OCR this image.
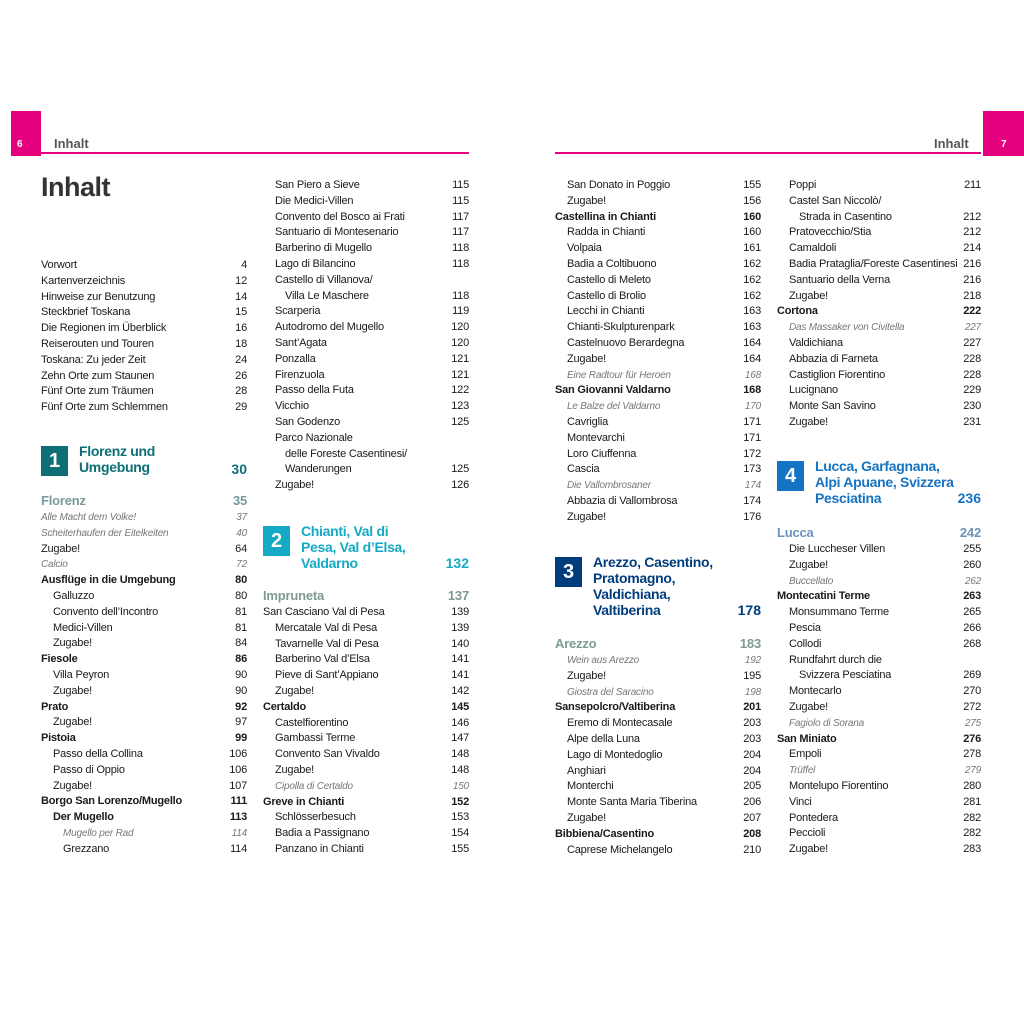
6 Inhalt	7
Inhalt
Inhalt
Vorwort	4
Kartenverzeichnis	12
Hinweise zur Benutzung	14
Steckbrief Toskana	15
Die Regionen im Überblick	16
Reiserouten und Touren	18
Toskana: Zu jeder Zeit	24
Zehn Orte zum Staunen	26
Fünf Orte zum Träumen	28
Fünf Orte zum Schlemmen	29
1	Florenz und
Umgebung	30
Florenz	35
Alle Macht dem Volke!	37
Scheiterhaufen der Eitelkeiten	40
Zugabe!	64
Calcio	72
Ausflüge in die Umgebung	80
Galluzzo	80
Convento dell’Incontro	81
Medici-Villen	81
Zugabe!	84
Fiesole	86
Villa Peyron	90
Zugabe!	90
Prato	92
Zugabe!	97
Pistoia	99
Passo della Collina	106
Passo di Oppio	106
Zugabe!	107
Borgo San Lorenzo/Mugello	111
Der Mugello	113
Mugello per Rad	114
Grezzano	114
San Piero a Sieve	115
Die Medici-Villen	115
Convento del Bosco ai Frati	117
Santuario di Montesenario	117
Barberino di Mugello	118
Lago di Bilancino	118
Castello di Villanova/
Villa Le Maschere	118
Scarperia	119
Autodromo del Mugello	120
Sant’Agata	120
Ponzalla	121
Firenzuola	121
Passo della Futa	122
Vicchio	123
San Godenzo	125
Parco Nazionale
delle Foreste Casentinesi/
Wanderungen	125
Zugabe!	126
2	Chianti, Val di
Pesa, Val d’Elsa,
Valdarno	132
Impruneta	137
San Casciano Val di Pesa	139
Mercatale Val di Pesa	139
Tavarnelle Val di Pesa	140
Barberino Val d’Elsa	141
Pieve di Sant’Appiano	141
Zugabe!	142
Certaldo	145
Castelfiorentino	146
Gambassi Terme	147
Convento San Vivaldo	148
Zugabe!	148
Cipolla di Certaldo	150
Greve in Chianti	152
Schlösserbesuch	153
Badia a Passignano	154
Panzano in Chianti	155
San Donato in Poggio	155
Zugabe!	156
Castellina in Chianti	160
Radda in Chianti	160
Volpaia	161
Badia a Coltibuono	162
Castello di Meleto	162
Castello di Brolio	162
Lecchi in Chianti	163
Chianti-Skulpturenpark	163
Castelnuovo Berardegna	164
Zugabe!	164
Eine Radtour für Heroen	168
San Giovanni Valdarno	168
Le Balze del Valdarno	170
Cavriglia	171
Montevarchi	171
Loro Ciuffenna	172
Cascia	173
Die Vallombrosaner	174
Abbazia di Vallombrosa	174
Zugabe!	176
3	Arezzo, Casentino,
Pratomagno,
Valdichiana,
Valtiberina	178
Arezzo	183
Wein aus Arezzo	192
Zugabe!	195
Giostra del Saracino	198
Sansepolcro/Valtiberina	201
Eremo di Montecasale	203
Alpe della Luna	203
Lago di Montedoglio	204
Anghiari	204
Monterchi	205
Monte Santa Maria Tiberina	206
Zugabe!	207
Bibbiena/Casentino	208
Caprese Michelangelo	210
Poppi	211
Castel San Niccolò/
Strada in Casentino	212
Pratovecchio/Stia	212
Camaldoli	214
Badia Prataglia/Foreste Casentinesi 216
Santuario della Verna	216
Zugabe!	218
Cortona	222
Das Massaker von Civitella	227
Valdichiana	227
Abbazia di Farneta	228
Castiglion Fiorentino	228
Lucignano	229
Monte San Savino	230
Zugabe!	231
4	Lucca, Garfagnana,
Alpi Apuane, Svizzera
Pesciatina	236
Lucca	242
Die Luccheser Villen	255
Zugabe!	260
Buccellato	262
Montecatini Terme	263
Monsummano Terme	265
Pescia	266
Collodi	268
Rundfahrt durch die
Svizzera Pesciatina	269
Montecarlo	270
Zugabe!	272
Fagiolo di Sorana	275
San Miniato	276
Empoli	278
Trüffel	279
Montelupo Fiorentino	280
Vinci	281
Pontedera	282
Peccioli	282
Zugabe!	283
